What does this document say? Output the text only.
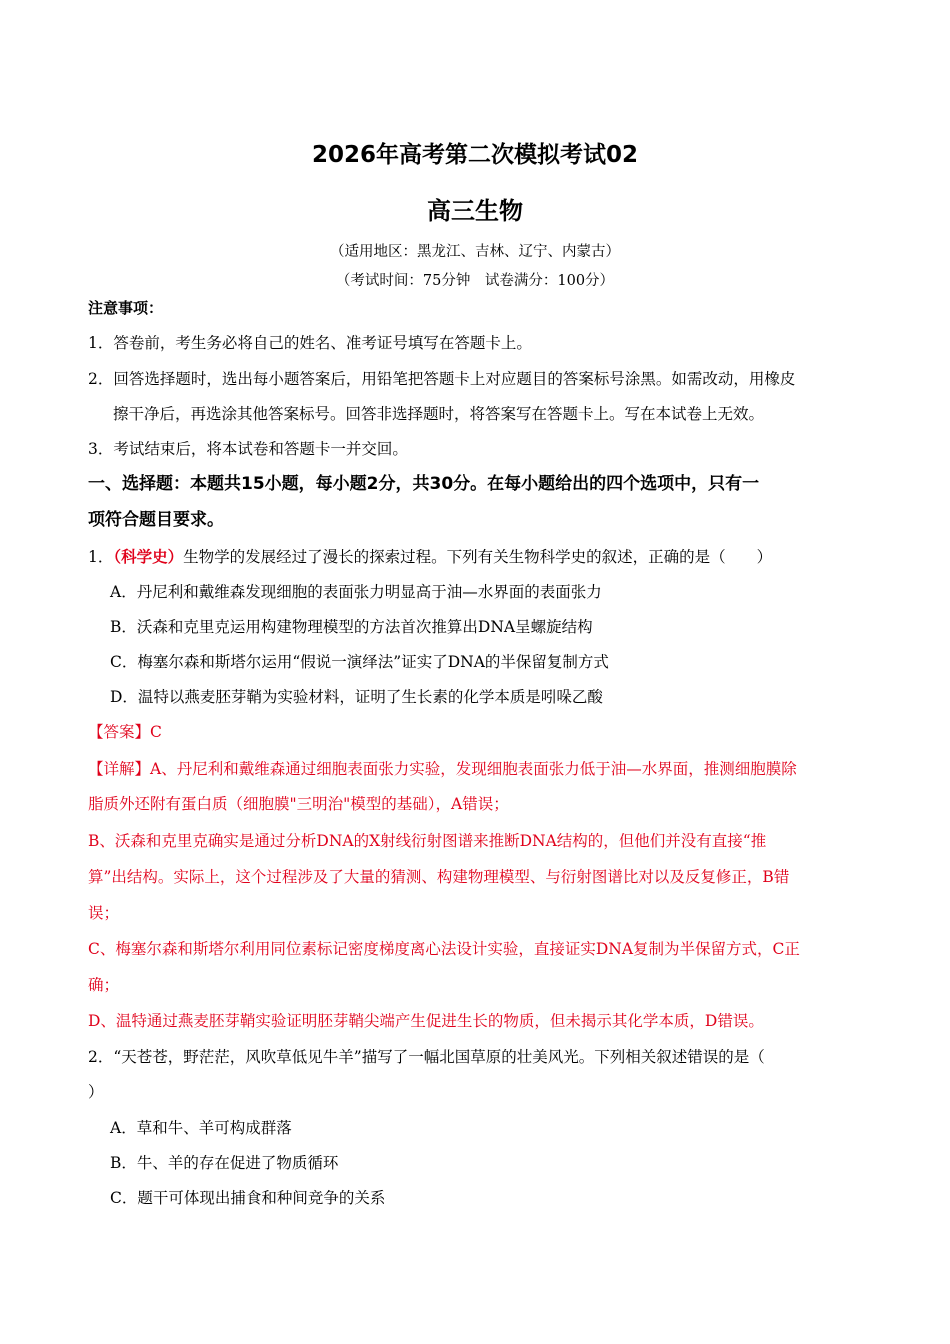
2026年高考第二次模拟考试02
高三生物
（适用地区：黑龙江、吉林、辽宁、内蒙古）
（考试时间：75分钟　试卷满分：100分）
注意事项：
1．答卷前，考生务必将自己的姓名、准考证号填写在答题卡上。
2．回答选择题时，选出每小题答案后，用铅笔把答题卡上对应题目的答案标号涂黑。如需改动，用橡皮
擦干净后，再选涂其他答案标号。回答非选择题时，将答案写在答题卡上。写在本试卷上无效。
3．考试结束后，将本试卷和答题卡一并交回。
一、选择题：本题共15小题，每小题2分，共30分。在每小题给出的四个选项中，只有一
项符合题目要求。
1．（科学史）生物学的发展经过了漫长的探索过程。下列有关生物科学史的叙述，正确的是（　　）
A．丹尼利和戴维森发现细胞的表面张力明显高于油—水界面的表面张力
B．沃森和克里克运用构建物理模型的方法首次推算出DNA呈螺旋结构
C．梅塞尔森和斯塔尔运用“假说一演绎法”证实了DNA的半保留复制方式
D．温特以燕麦胚芽鞘为实验材料，证明了生长素的化学本质是吲哚乙酸
【答案】C
【详解】A、丹尼利和戴维森通过细胞表面张力实验，发现细胞表面张力低于油—水界面，推测细胞膜除
脂质外还附有蛋白质（细胞膜"三明治"模型的基础），A错误；
B、沃森和克里克确实是通过分析DNA的X射线衍射图谱来推断DNA结构的，但他们并没有直接“推
算”出结构。实际上，这个过程涉及了大量的猜测、构建物理模型、与衍射图谱比对以及反复修正，B错
误；
C、梅塞尔森和斯塔尔利用同位素标记密度梯度离心法设计实验，直接证实DNA复制为半保留方式，C正
确；
D、温特通过燕麦胚芽鞘实验证明胚芽鞘尖端产生促进生长的物质，但未揭示其化学本质，D错误。
2．“天苍苍，野茫茫，风吹草低见牛羊”描写了一幅北国草原的壮美风光。下列相关叙述错误的是（
）
A．草和牛、羊可构成群落
B．牛、羊的存在促进了物质循环
C．题干可体现出捕食和种间竞争的关系
